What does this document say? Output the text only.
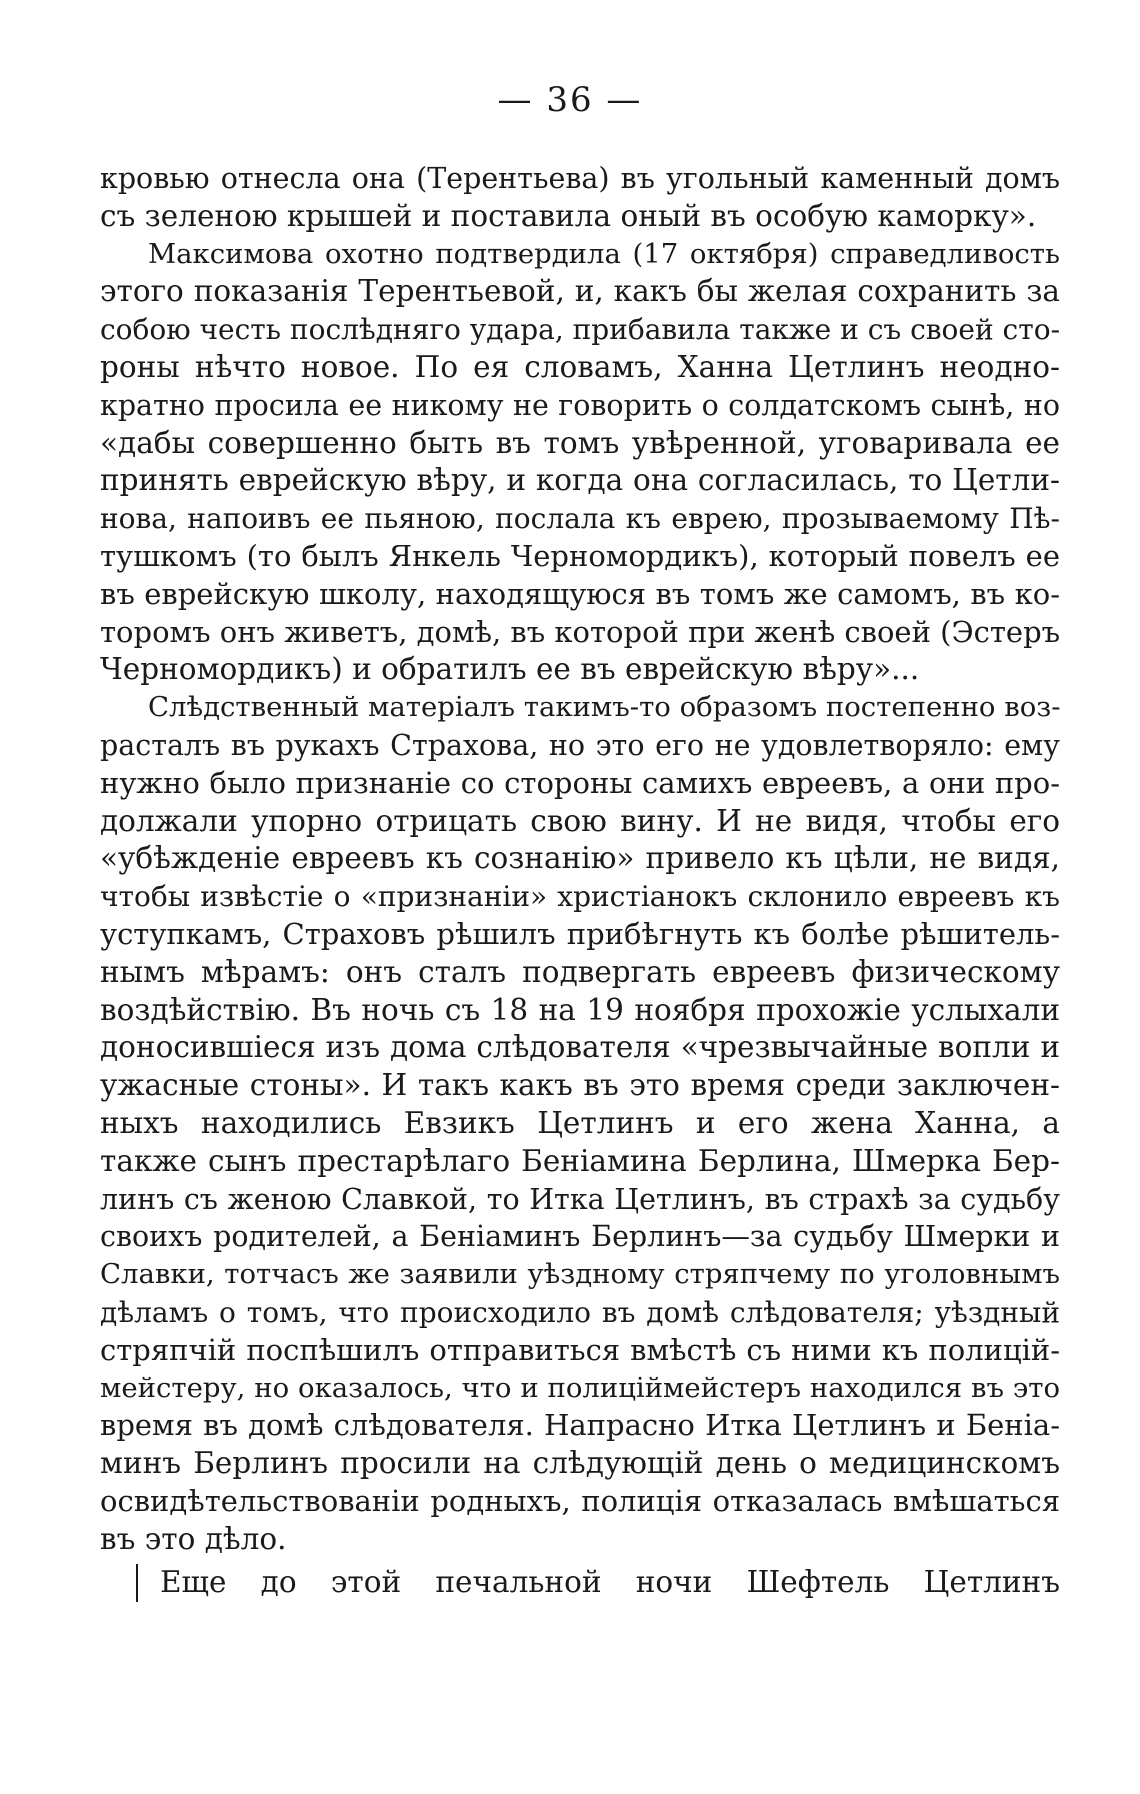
— 36 —
кровью отнесла она (Терентьева) въ угольный каменный домъ
съ зеленою крышей и поставила оный въ особую каморку».
Максимова охотно подтвердила (17 октября) справедливость
этого показанія Терентьевой, и, какъ бы желая сохранить за
собою честь послѣдняго удара, прибавила также и съ своей сто-
роны нѣчто новое. По ея словамъ, Ханна Цетлинъ неодно-
кратно просила ее никому не говорить о солдатскомъ сынѣ, но
«дабы совершенно быть въ томъ увѣренной, уговаривала ее
принять еврейскую вѣру, и когда она согласилась, то Цетли-
нова, напоивъ ее пьяною, послала къ еврею, прозываемому Пѣ-
тушкомъ (то былъ Янкель Черномордикъ), который повелъ ее
въ еврейскую школу, находящуюся въ томъ же самомъ, въ ко-
торомъ онъ живетъ, домѣ, въ которой при женѣ своей (Эстеръ
Черномордикъ) и обратилъ ее въ еврейскую вѣру»...
Слѣдственный матеріалъ такимъ-то образомъ постепенно воз-
расталъ въ рукахъ Страхова, но это его не удовлетворяло: ему
нужно было признаніе со стороны самихъ евреевъ, а они про-
должали упорно отрицать свою вину. И не видя, чтобы его
«убѣжденіе евреевъ къ сознанію» привело къ цѣли, не видя,
чтобы извѣстіе о «признаніи» христіанокъ склонило евреевъ къ
уступкамъ, Страховъ рѣшилъ прибѣгнуть къ болѣе рѣшитель-
нымъ мѣрамъ: онъ сталъ подвергать евреевъ физическому
воздѣйствію. Въ ночь съ 18 на 19 ноября прохожіе услыхали
доносившіеся изъ дома слѣдователя «чрезвычайные вопли и
ужасные стоны». И такъ какъ въ это время среди заключен-
ныхъ находились Евзикъ Цетлинъ и его жена Ханна, а
также сынъ престарѣлаго Беніамина Берлина, Шмерка Бер-
линъ съ женою Славкой, то Итка Цетлинъ, въ страхѣ за судьбу
своихъ родителей, а Беніаминъ Берлинъ—за судьбу Шмерки и
Славки, тотчасъ же заявили уѣздному стряпчему по уголовнымъ
дѣламъ о томъ, что происходило въ домѣ слѣдователя; уѣздный
стряпчій поспѣшилъ отправиться вмѣстѣ съ ними къ полицій-
мейстеру, но оказалось, что и полиціймейстеръ находился въ это
время въ домѣ слѣдователя. Напрасно Итка Цетлинъ и Беніа-
минъ Берлинъ просили на слѣдующій день о медицинскомъ
освидѣтельствованіи родныхъ, полиція отказалась вмѣшаться
въ это дѣло.
Еще до этой печальной ночи Шефтель Цетлинъ
